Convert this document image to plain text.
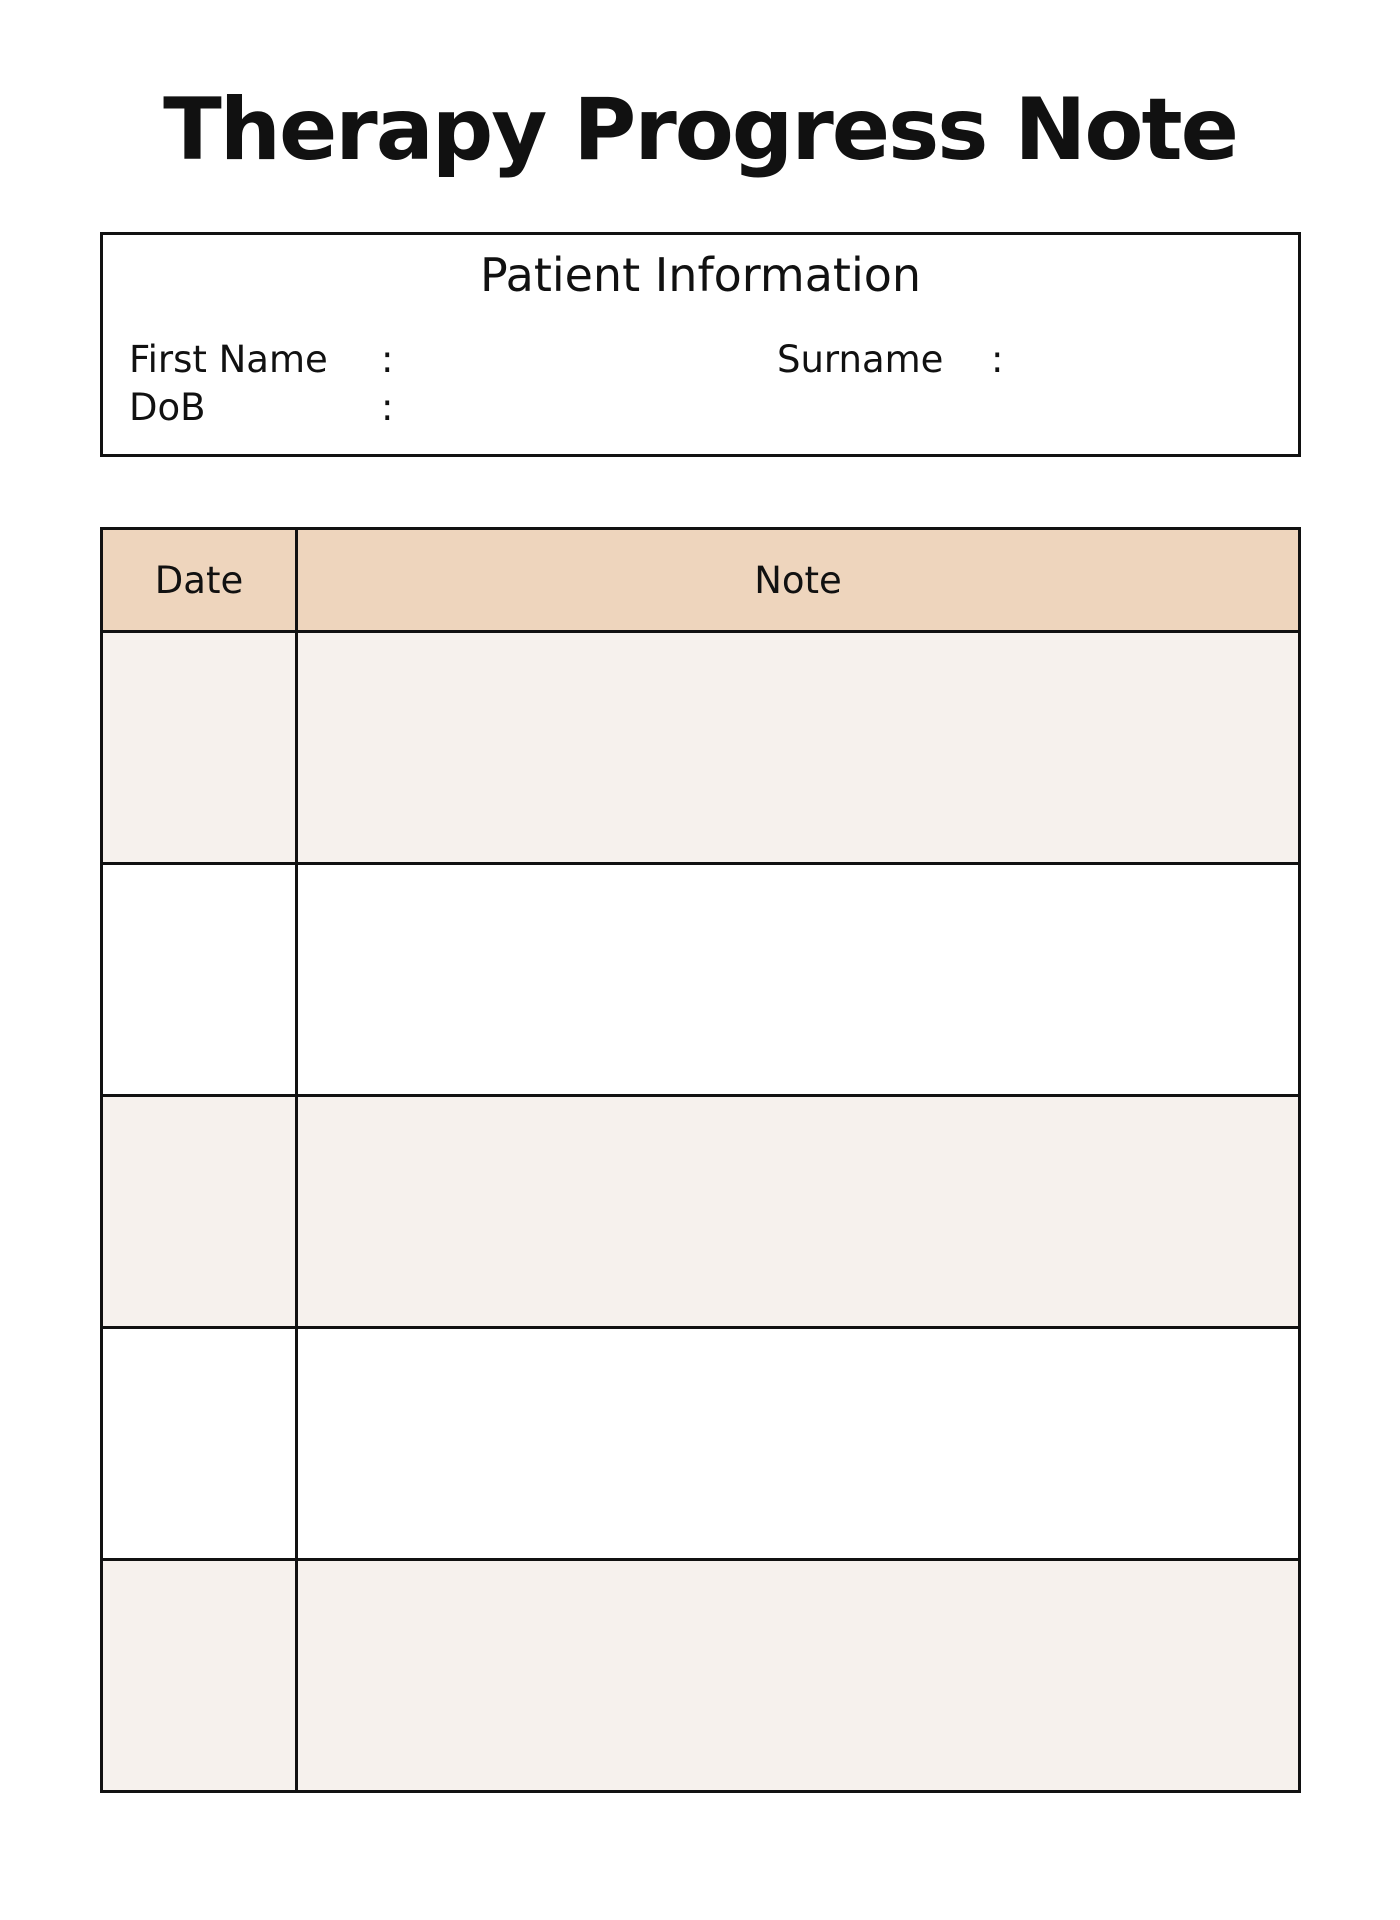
Therapy Progress Note
Patient Information
First Name :	Surname :
DoB	:
Date	Note
